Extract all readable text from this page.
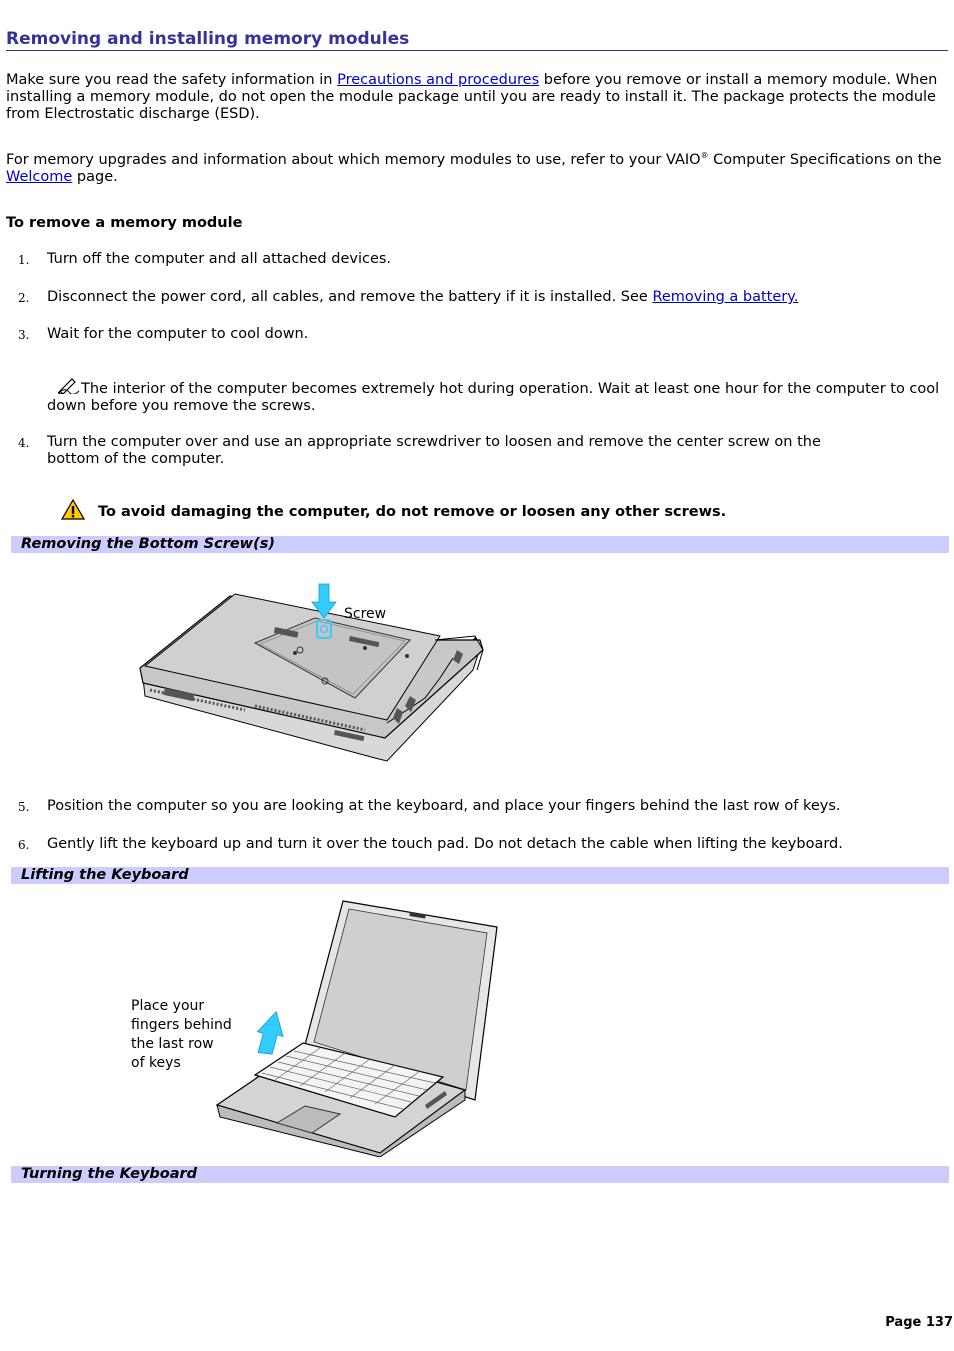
Removing and installing memory modules

Make sure you read the safety information in Precautions and procedures before you remove or install a memory module. When installing a memory module, do not open the module package until you are ready to install it. The package protects the module from Electrostatic discharge (ESD).

For memory upgrades and information about which memory modules to use, refer to your VAIO® Computer Specifications on the Welcome page.

To remove a memory module
1. Turn off the computer and all attached devices.
2. Disconnect the power cord, all cables, and remove the battery if it is installed. See Removing a battery.
3. Wait for the computer to cool down.
The interior of the computer becomes extremely hot during operation. Wait at least one hour for the computer to cool down before you remove the screws.
4. Turn the computer over and use an appropriate screwdriver to loosen and remove the center screw on the bottom of the computer.
To avoid damaging the computer, do not remove or loosen any other screws.
Removing the Bottom Screw(s)
Screw
5. Position the computer so you are looking at the keyboard, and place your fingers behind the last row of keys.
6. Gently lift the keyboard up and turn it over the touch pad. Do not detach the cable when lifting the keyboard.
Lifting the Keyboard
Place your fingers behind the last row of keys
Turning the Keyboard
Page 137
